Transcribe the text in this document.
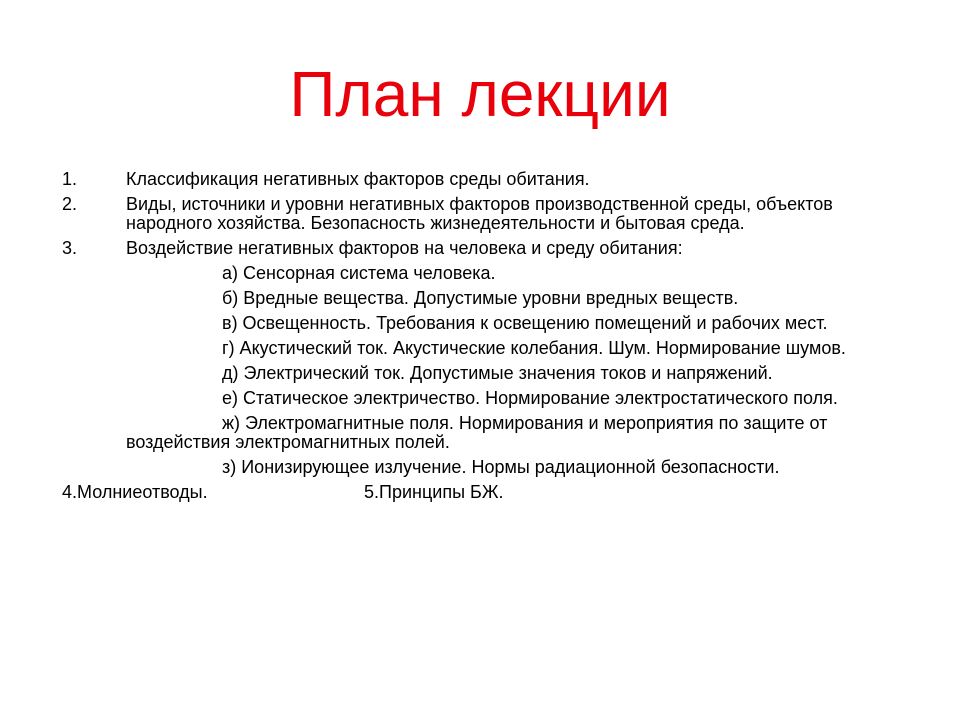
План лекции
1.	Классификация негативных факторов среды обитания.
2.	Виды, источники и уровни негативных факторов производственной среды, объектов народного хозяйства. Безопасность жизнедеятельности и бытовая среда.
3.	Воздействие негативных факторов на человека и среду обитания:
а) Сенсорная система человека.
б) Вредные вещества. Допустимые уровни вредных веществ.
в) Освещенность. Требования к освещению помещений и рабочих мест.
г) Акустический ток. Акустические колебания. Шум. Нормирование шумов.
д) Электрический ток. Допустимые значения токов и напряжений.
е) Статическое электричество. Нормирование электростатического поля.
ж) Электромагнитные поля. Нормирования и мероприятия по защите от воздействия электромагнитных полей.
з) Ионизирующее излучение. Нормы радиационной безопасности.
4.Молниеотводы.	5.Принципы БЖ.
